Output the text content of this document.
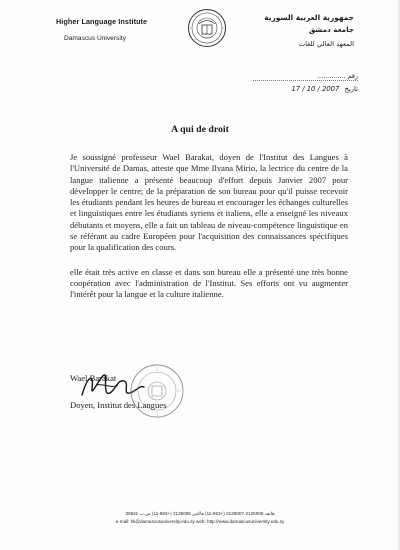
Higher Language Institute
Damascus University
جمهورية العربية السورية
جامعة دمشق
المعهد العالي للغات
رقم ..............
تاريخ 17 / 10 / 2007
A qui de droit

Je soussigné professeur Wael Barakat, doyen de l'Institut des Langues à l'Université de Damas, atteste que Mme Ilvana Mirio, la lectrice du centre de la langue italienne a présenté beaucoup d'effort depuis Janvier 2007 pour développer le centre; de la préparation de son bureau pour qu'il puisse recevoir les étudiants pendant les heures de bureau et encourager les échanges culturelles et linguistiques entre les étudiants syriens et italiens, elle a enseigné les niveaux débutants et moyens, elle a fait un tableau de niveau-compétence linguistique en se référant au cadre Européen pour l'acquisition des connaissances spécifiques pour la qualification des cours.

elle était très active en classe et dans son bureau elle a présenté une très bonne coopération avec l'administration de l'Institut. Ses efforts ont vu augmenter l'intérêt pour la langue et la culture italienne.

Wael Barakat
Doyen, Institut des Langues
هاتف 2125006-2125007 (+963-11) فاكس 2125008 (+963-11) ص.ب 30621
e-mail: hli@damascusuniversity.edu.sy web: http://www.damascusuniversity.edu.sy
